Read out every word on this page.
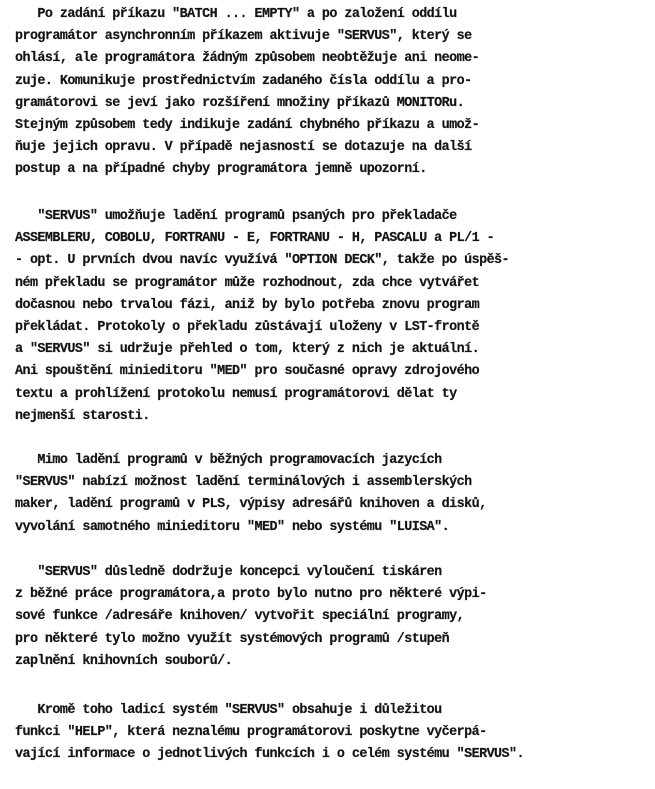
Po zadání příkazu "BATCH ... EMPTY" a po založení oddílu
programátor asynchronním příkazem aktivuje "SERVUS", který se
ohlásí, ale programátora žádným způsobem neobtěžuje ani neome-
zuje. Komunikuje prostřednictvím zadaného čísla oddílu a pro-
gramátorovi se jeví jako rozšíření množiny příkazů MONITORu.
Stejným způsobem tedy indikuje zadání chybného příkazu a umož-
ňuje jejich opravu. V případě nejasností se dotazuje na další
postup a na případné chyby programátora jemně upozorní.
"SERVUS" umožňuje ladění programů psaných pro překladače
ASSEMBLERU, COBOLU, FORTRANU - E, FORTRANU - H, PASCALU a PL/1 -
- opt. U prvních dvou navíc využívá "OPTION DECK", takže po úspěš-
ném překladu se programátor může rozhodnout, zda chce vytvářet
dočasnou nebo trvalou fázi, aniž by bylo potřeba znovu program
překládat. Protokoly o překladu zůstávají uloženy v LST-frontě
a "SERVUS" si udržuje přehled o tom, který z nich je aktuální.
Ani spouštění minieditoru "MED" pro současné opravy zdrojového
textu a prohlížení protokolu nemusí programátorovi dělat ty
nejmenší starosti.
Mimo ladění programů v běžných programovacích jazycích
"SERVUS" nabízí možnost ladění terminálových i assemblerských
maker, ladění programů v PLS, výpisy adresářů knihoven a disků,
vyvolání samotného minieditoru "MED" nebo systému "LUISA".
"SERVUS" důsledně dodržuje koncepci vyloučení tiskáren
z běžné práce programátora,a proto bylo nutno pro některé výpi-
sové funkce /adresáře knihoven/ vytvořit speciální programy,
pro některé tylo možno využít systémových programů /stupeň
zaplnění knihovních souborů/.
Kromě toho ladicí systém "SERVUS" obsahuje i důležitou
funkci "HELP", která neznalému programátorovi poskytne vyčerpá-
vající informace o jednotlivých funkcích i o celém systému "SERVUS".
